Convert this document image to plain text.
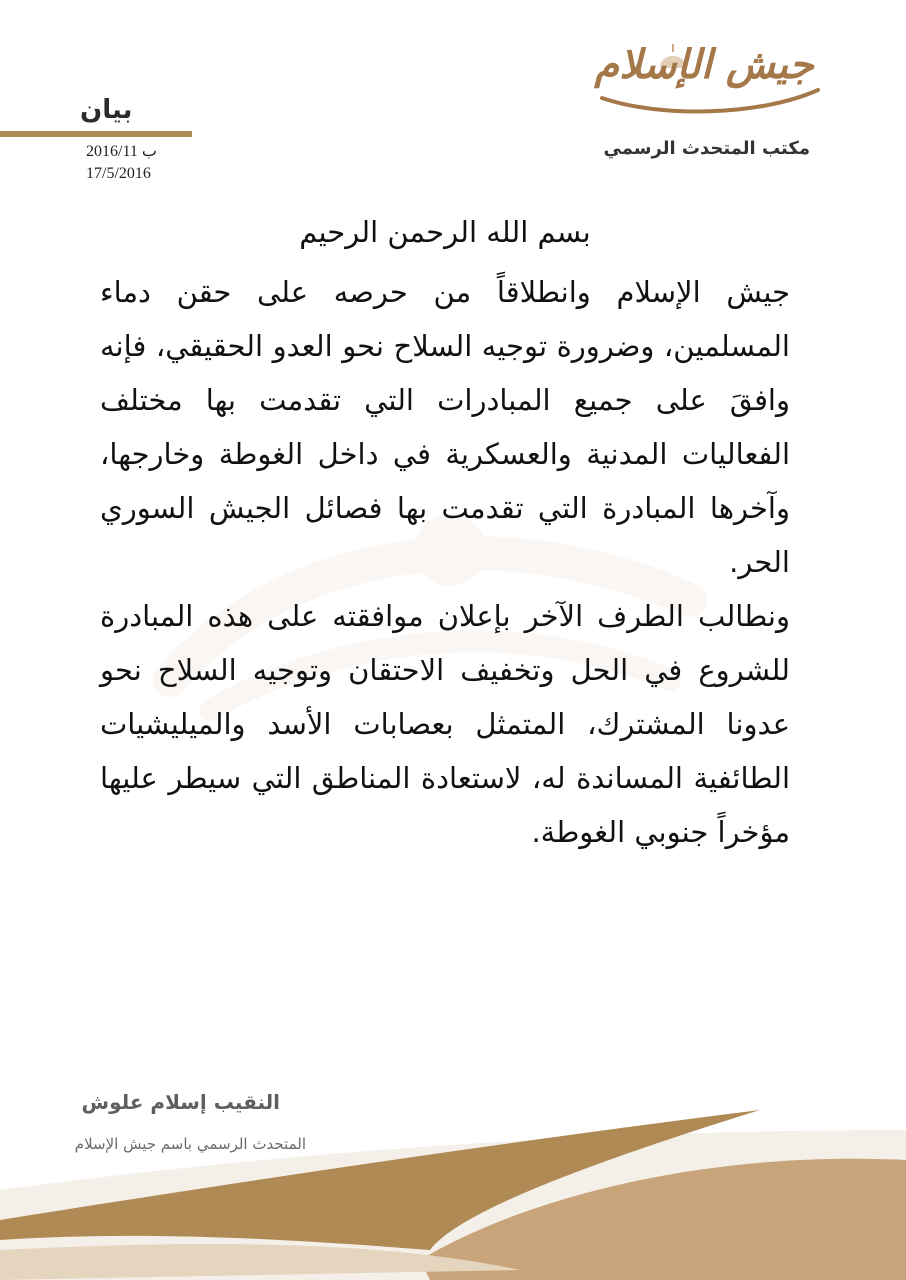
بيان
ب 2016/11
17/5/2016
جيش الإسلام
مكتب المتحدث الرسمي
بسم الله الرحمن الرحيم

جيش الإسلام وانطلاقاً من حرصه على حقن دماء المسلمين، وضرورة توجيه السلاح نحو العدو الحقيقي، فإنه وافقَ على جميع المبادرات التي تقدمت بها مختلف الفعاليات المدنية والعسكرية في داخل الغوطة وخارجها، وآخرها المبادرة التي تقدمت بها فصائل الجيش السوري الحر.

ونطالب الطرف الآخر بإعلان موافقته على هذه المبادرة للشروع في الحل وتخفيف الاحتقان وتوجيه السلاح نحو عدونا المشترك، المتمثل بعصابات الأسد والميليشيات الطائفية المساندة له، لاستعادة المناطق التي سيطر عليها مؤخراً جنوبي الغوطة.

النقيب إسلام علوش
المتحدث الرسمي باسم جيش الإسلام
